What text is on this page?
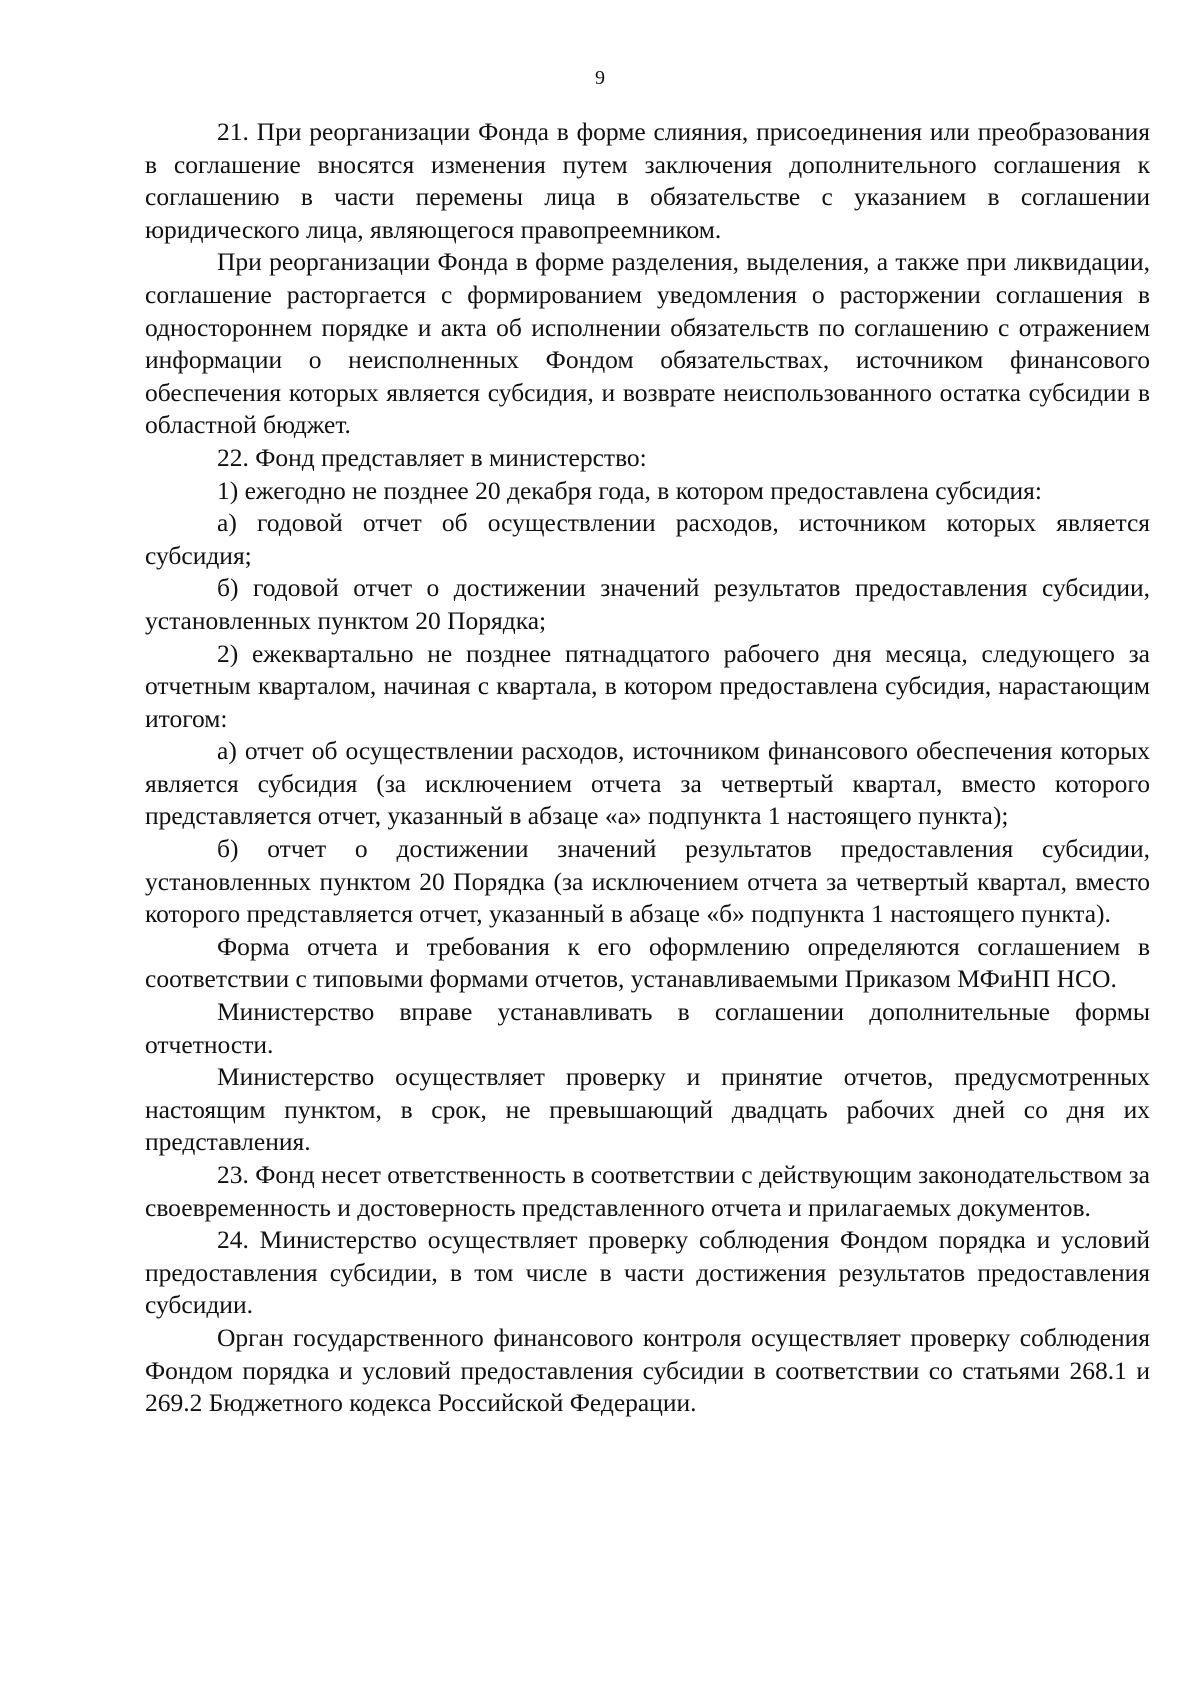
9

21. При реорганизации Фонда в форме слияния, присоединения или преобразования в соглашение вносятся изменения путем заключения дополнительного соглашения к соглашению в части перемены лица в обязательстве с указанием в соглашении юридического лица, являющегося правопреемником.

При реорганизации Фонда в форме разделения, выделения, а также при ликвидации, соглашение расторгается с формированием уведомления о расторжении соглашения в одностороннем порядке и акта об исполнении обязательств по соглашению с отражением информации о неисполненных Фондом обязательствах, источником финансового обеспечения которых является субсидия, и возврате неиспользованного остатка субсидии в областной бюджет.

22. Фонд представляет в министерство:

1) ежегодно не позднее 20 декабря года, в котором предоставлена субсидия:

а) годовой отчет об осуществлении расходов, источником которых является субсидия;

б) годовой отчет о достижении значений результатов предоставления субсидии, установленных пунктом 20 Порядка;

2) ежеквартально не позднее пятнадцатого рабочего дня месяца, следующего за отчетным кварталом, начиная с квартала, в котором предоставлена субсидия, нарастающим итогом:

а) отчет об осуществлении расходов, источником финансового обеспечения которых является субсидия (за исключением отчета за четвертый квартал, вместо которого представляется отчет, указанный в абзаце «а» подпункта 1 настоящего пункта);

б) отчет о достижении значений результатов предоставления субсидии, установленных пунктом 20 Порядка (за исключением отчета за четвертый квартал, вместо которого представляется отчет, указанный в абзаце «б» подпункта 1 настоящего пункта).

Форма отчета и требования к его оформлению определяются соглашением в соответствии с типовыми формами отчетов, устанавливаемыми Приказом МФиНП НСО.

Министерство вправе устанавливать в соглашении дополнительные формы отчетности.

Министерство осуществляет проверку и принятие отчетов, предусмотренных настоящим пунктом, в срок, не превышающий двадцать рабочих дней со дня их представления.

23. Фонд несет ответственность в соответствии с действующим законодательством за своевременность и достоверность представленного отчета и прилагаемых документов.

24. Министерство осуществляет проверку соблюдения Фондом порядка и условий предоставления субсидии, в том числе в части достижения результатов предоставления субсидии.

Орган государственного финансового контроля осуществляет проверку соблюдения Фондом порядка и условий предоставления субсидии в соответствии со статьями 268.1 и 269.2 Бюджетного кодекса Российской Федерации.
